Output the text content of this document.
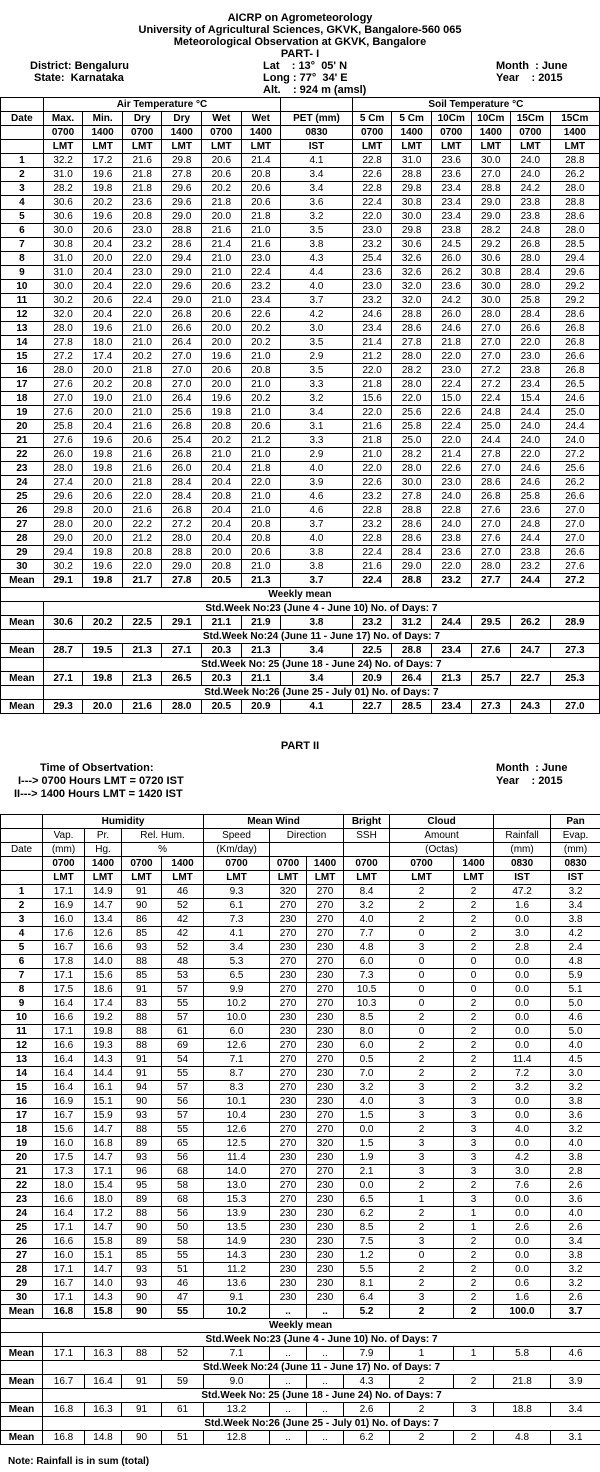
AICRP on Agrometeorology
University of Agricultural Sciences, GKVK, Bangalore-560 065
Meteorological Observation at GKVK, Bangalore
PART- I
District: Bengaluru
State:  Karnataka
Lat    : 13°  05' N
Long : 77°  34' E
Alt.    : 924 m (amsl)
Month  : June
Year    : 2015
	Air Temperature °C							Soil Temperature °C					
Date	Max.	Min.	Dry	Dry	Wet	Wet	PET (mm)	5 Cm	5 Cm	10Cm	10Cm	15Cm	15Cm
	0700	1400	0700	1400	0700	1400	0830	0700	1400	0700	1400	0700	1400
	LMT	LMT	LMT	LMT	LMT	LMT	IST	LMT	LMT	LMT	LMT	LMT	LMT
1	32.2	17.2	21.6	29.8	20.6	21.4	4.1	22.8	31.0	23.6	30.0	24.0	28.8
2	31.0	19.6	21.8	27.8	20.6	20.8	3.4	22.6	28.8	23.6	27.0	24.0	26.2
3	28.2	19.8	21.8	29.6	20.2	20.6	3.4	22.8	29.8	23.4	28.8	24.2	28.0
4	30.6	20.2	23.6	29.6	21.8	20.6	3.6	22.4	30.8	23.4	29.0	23.8	28.8
5	30.6	19.6	20.8	29.0	20.0	21.8	3.2	22.0	30.0	23.4	29.0	23.8	28.6
6	30.0	20.6	23.0	28.8	21.6	21.0	3.5	23.0	29.8	23.8	28.2	24.8	28.0
7	30.8	20.4	23.2	28.6	21.4	21.6	3.8	23.2	30.6	24.5	29.2	26.8	28.5
8	31.0	20.0	22.0	29.4	21.0	23.0	4.3	25.4	32.6	26.0	30.6	28.0	29.4
9	31.0	20.4	23.0	29.0	21.0	22.4	4.4	23.6	32.6	26.2	30.8	28.4	29.6
10	30.0	20.4	22.0	29.6	20.6	23.2	4.0	23.0	32.0	23.6	30.0	28.0	29.2
11	30.2	20.6	22.4	29.0	21.0	23.4	3.7	23.2	32.0	24.2	30.0	25.8	29.2
12	32.0	20.4	22.0	26.8	20.6	22.6	4.2	24.6	28.8	26.0	28.0	28.4	28.6
13	28.0	19.6	21.0	26.6	20.0	20.2	3.0	23.4	28.6	24.6	27.0	26.6	26.8
14	27.8	18.0	21.0	26.4	20.0	20.2	3.5	21.4	27.8	21.8	27.0	22.0	26.8
15	27.2	17.4	20.2	27.0	19.6	21.0	2.9	21.2	28.0	22.0	27.0	23.0	26.6
16	28.0	20.0	21.8	27.0	20.6	20.8	3.5	22.0	28.2	23.0	27.2	23.8	26.8
17	27.6	20.2	20.8	27.0	20.0	21.0	3.3	21.8	28.0	22.4	27.2	23.4	26.5
18	27.0	19.0	21.0	26.4	19.6	20.2	3.2	15.6	22.0	15.0	22.4	15.4	24.6
19	27.6	20.0	21.0	25.6	19.8	21.0	3.4	22.0	25.6	22.6	24.8	24.4	25.0
20	25.8	20.4	21.6	26.8	20.8	20.6	3.1	21.6	25.8	22.4	25.0	24.0	24.4
21	27.6	19.6	20.6	25.4	20.2	21.2	3.3	21.8	25.0	22.0	24.4	24.0	24.0
22	26.0	19.8	21.6	26.8	21.0	21.0	2.9	21.0	28.2	21.4	27.8	22.0	27.2
23	28.0	19.8	21.6	26.0	20.4	21.8	4.0	22.0	28.0	22.6	27.0	24.6	25.6
24	27.4	20.0	21.8	28.4	20.4	22.0	3.9	22.6	30.0	23.0	28.6	24.6	26.2
25	29.6	20.6	22.0	28.4	20.8	21.0	4.6	23.2	27.8	24.0	26.8	25.8	26.6
26	29.8	20.0	21.6	26.8	20.4	21.0	4.6	22.8	28.8	22.8	27.6	23.6	27.0
27	28.0	20.0	22.2	27.2	20.4	20.8	3.7	23.2	28.6	24.0	27.0	24.8	27.0
28	29.0	20.0	21.2	28.0	20.4	20.8	4.0	22.8	28.6	23.8	27.6	24.4	27.0
29	29.4	19.8	20.8	28.8	20.0	20.6	3.8	22.4	28.4	23.6	27.0	23.8	26.6
30	30.2	19.6	22.0	29.0	20.8	21.0	3.8	21.6	29.0	22.0	28.0	23.2	27.6
Mean	29.1	19.8	21.7	27.8	20.5	21.3	3.7	22.4	28.8	23.2	27.7	24.4	27.2
Weekly mean													
	Std.Week No:23 (June 4 - June 10) No. of Days: 7												
Mean	30.6	20.2	22.5	29.1	21.1	21.9	3.8	23.2	31.2	24.4	29.5	26.2	28.9
	Std.Week No:24 (June 11 - June 17) No. of Days: 7												
Mean	28.7	19.5	21.3	27.1	20.3	21.3	3.4	22.5	28.8	23.4	27.6	24.7	27.3
	Std.Week No: 25 (June 18 - June 24) No. of Days: 7												
Mean	27.1	19.8	21.3	26.5	20.3	21.1	3.4	20.9	26.4	21.3	25.7	22.7	25.3
	Std.Week No:26 (June 25 - July 01) No. of Days: 7												
Mean	29.3	20.0	21.6	28.0	20.5	20.9	4.1	22.7	28.5	23.4	27.3	24.3	27.0
PART II
Time of Obsertvation:
I---> 0700 Hours LMT = 0720 IST
II---> 1400 Hours LMT = 1420 IST
Month  : June
Year    : 2015
	Humidity				Mean Wind			Bright	Cloud			Pan
	Vap.	Pr.	Rel. Hum.		Speed	Direction		SSH	Amount		Rainfall	Evap.
Date	(mm)	Hg.	%		(Km/day)				(Octas)		(mm)	(mm)
	0700	1400	0700	1400	0700	0700	1400	0700	0700	1400	0830	0830
	LMT	LMT	LMT	LMT	LMT	LMT	LMT	LMT	LMT	LMT	IST	IST
1	17.1	14.9	91	46	9.3	320	270	8.4	2	2	47.2	3.2
2	16.9	14.7	90	52	6.1	270	270	3.2	2	2	1.6	3.4
3	16.0	13.4	86	42	7.3	230	270	4.0	2	2	0.0	3.8
4	17.6	12.6	85	42	4.1	270	270	7.7	0	2	3.0	4.2
5	16.7	16.6	93	52	3.4	230	230	4.8	3	2	2.8	2.4
6	17.8	14.0	88	48	5.3	270	270	6.0	0	0	0.0	4.8
7	17.1	15.6	85	53	6.5	230	230	7.3	0	0	0.0	5.9
8	17.5	18.6	91	57	9.9	270	270	10.5	0	0	0.0	5.1
9	16.4	17.4	83	55	10.2	270	270	10.3	0	2	0.0	5.0
10	16.6	19.2	88	57	10.0	230	230	8.5	2	2	0.0	4.6
11	17.1	19.8	88	61	6.0	230	230	8.0	0	2	0.0	5.0
12	16.6	19.3	88	69	12.6	270	230	6.0	2	2	0.0	4.0
13	16.4	14.3	91	54	7.1	270	270	0.5	2	2	11.4	4.5
14	16.4	14.4	91	55	8.7	270	230	7.0	2	2	7.2	3.0
15	16.4	16.1	94	57	8.3	270	230	3.2	3	2	3.2	3.2
16	16.9	15.1	90	56	10.1	230	230	4.0	3	3	0.0	3.8
17	16.7	15.9	93	57	10.4	230	270	1.5	3	3	0.0	3.6
18	15.6	14.7	88	55	12.6	270	270	0.0	2	3	4.0	3.2
19	16.0	16.8	89	65	12.5	270	320	1.5	3	3	0.0	4.0
20	17.5	14.7	93	56	11.4	230	230	1.9	3	3	4.2	3.8
21	17.3	17.1	96	68	14.0	270	270	2.1	3	3	3.0	2.8
22	18.0	15.4	95	58	13.0	270	230	0.0	2	2	7.6	2.6
23	16.6	18.0	89	68	15.3	270	230	6.5	1	3	0.0	3.6
24	16.4	17.2	88	56	13.9	230	230	6.2	2	1	0.0	4.0
25	17.1	14.7	90	50	13.5	230	230	8.5	2	1	2.6	2.6
26	16.6	15.8	89	58	14.9	230	230	7.5	3	2	0.0	3.4
27	16.0	15.1	85	55	14.3	230	230	1.2	0	2	0.0	3.8
28	17.1	14.7	93	51	11.2	230	230	5.5	2	2	0.0	3.2
29	16.7	14.0	93	46	13.6	230	230	8.1	2	2	0.6	3.2
30	17.1	14.3	90	47	9.1	230	230	6.4	3	2	1.6	2.6
Mean	16.8	15.8	90	55	10.2	..	..	5.2	2	2	100.0	3.7
Weekly mean												
	Std.Week No:23 (June 4 - June 10) No. of Days: 7											
Mean	17.1	16.3	88	52	7.1	..	..	7.9	1	1	5.8	4.6
	Std.Week No:24 (June 11 - June 17) No. of Days: 7											
Mean	16.7	16.4	91	59	9.0	..	..	4.3	2	2	21.8	3.9
	Std.Week No: 25 (June 18 - June 24) No. of Days: 7											
Mean	16.8	16.3	91	61	13.2	..	..	2.6	2	3	18.8	3.4
	Std.Week No:26 (June 25 - July 01) No. of Days: 7											
Mean	16.8	14.8	90	51	12.8	..	..	6.2	2	2	4.8	3.1
Note: Rainfall is in sum (total)
